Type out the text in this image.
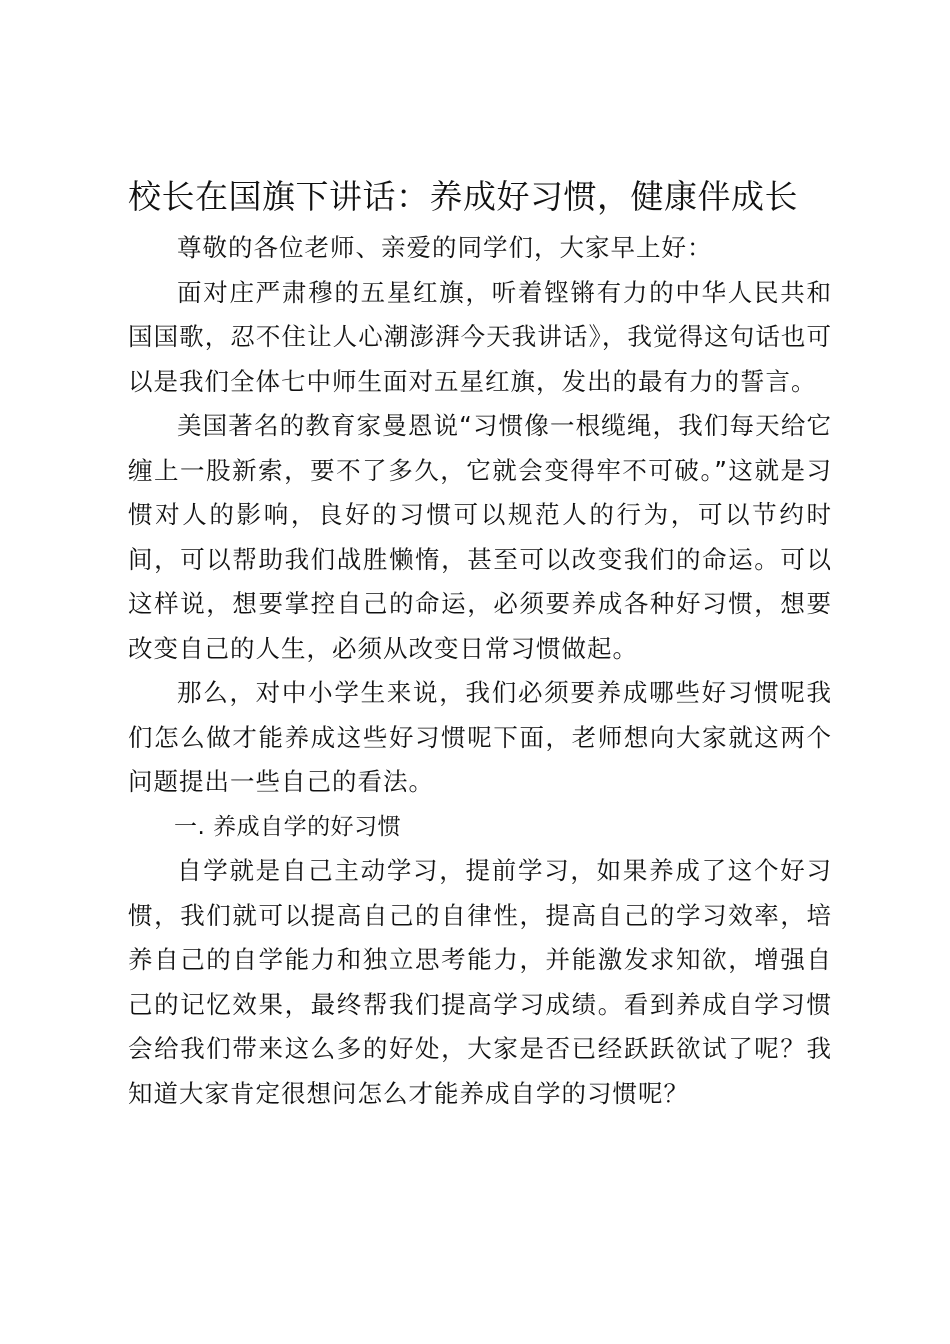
校长在国旗下讲话：养成好习惯，健康伴成长

尊敬的各位老师、亲爱的同学们，大家早上好：

面对庄严肃穆的五星红旗，听着铿锵有力的中华人民共和国国歌，忍不住让人心潮澎湃今天我讲话》，我觉得这句话也可以是我们全体七中师生面对五星红旗，发出的最有力的誓言。

美国著名的教育家曼恩说“习惯像一根缆绳，我们每天给它缠上一股新索，要不了多久，它就会变得牢不可破。”这就是习惯对人的影响，良好的习惯可以规范人的行为，可以节约时间，可以帮助我们战胜懒惰，甚至可以改变我们的命运。可以这样说，想要掌控自己的命运，必须要养成各种好习惯，想要改变自己的人生，必须从改变日常习惯做起。

那么，对中小学生来说，我们必须要养成哪些好习惯呢我们怎么做才能养成这些好习惯呢下面，老师想向大家就这两个问题提出一些自己的看法。

一. 养成自学的好习惯

自学就是自己主动学习，提前学习，如果养成了这个好习惯，我们就可以提高自己的自律性，提高自己的学习效率，培养自己的自学能力和独立思考能力，并能激发求知欲，增强自己的记忆效果，最终帮我们提高学习成绩。看到养成自学习惯会给我们带来这么多的好处，大家是否已经跃跃欲试了呢？我知道大家肯定很想问怎么才能养成自学的习惯呢？
